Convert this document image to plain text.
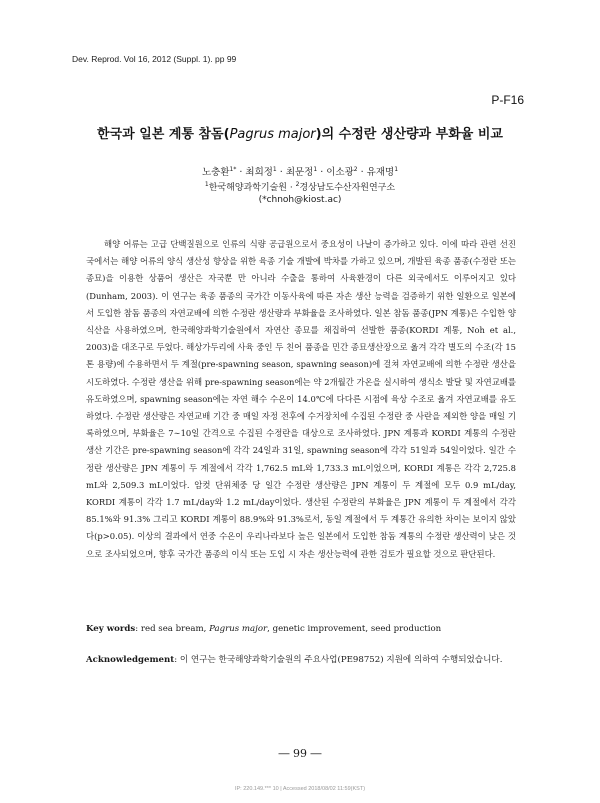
Dev. Reprod. Vol 16, 2012 (Suppl. 1). pp 99
P-F16
한국과 일본 계통 참돔(Pagrus major)의 수정란 생산량과 부화율 비교
노충환$^{1*}$ · 최희정$^1$ · 최문정$^1$ · 이소광$^2$ · 유재명$^1$
$^1$한국해양과학기술원 · $^2$경상남도수산자원연구소
(*chnoh@kiost.ac)

해양 어류는 고급 단백질원으로 인류의 식량 공급원으로서 중요성이 나날이 증가하고 있다. 이에 따라 관련 선진국에서는 해양 어류의 양식 생산성 향상을 위한 육종 기술 개발에 박차를 가하고 있으며, 개발된 육종 품종(수정란 또는 종묘)을 이용한 상품어 생산은 자국뿐 만 아니라 수출을 통하여 사육환경이 다른 외국에서도 이루어지고 있다(Dunham, 2003). 이 연구는 육종 품종의 국가간 이동사육에 따른 자손 생산 능력을 검증하기 위한 일환으로 일본에서 도입한 참돔 품종의 자연교배에 의한 수정란 생산량과 부화율을 조사하였다. 일본 참돔 품종(JPN 계통)은 수입한 양식산을 사용하였으며, 한국해양과학기술원에서 자연산 종묘를 채집하여 선발한 품종(KORDI 계통, Noh et al., 2003)을 대조구로 두었다. 해상가두리에 사육 중인 두 친어 품종을 민간 종묘생산장으로 옮겨 각각 별도의 수조(각 15톤 용량)에 수용하면서 두 계절(pre-spawning season, spawning season)에 걸쳐 자연교배에 의한 수정란 생산을 시도하였다. 수정란 생산을 위해 pre-spawning season에는 약 2개월간 가온을 실시하여 생식소 발달 및 자연교배를 유도하였으며, spawning season에는 자연 해수 수온이 14.0℃에 다다른 시점에 육상 수조로 옮겨 자연교배를 유도하였다. 수정란 생산량은 자연교배 기간 중 매일 자정 전후에 수거장치에 수집된 수정란 중 사란을 제외한 양을 매일 기록하였으며, 부화율은 7∼10일 간격으로 수집된 수정란을 대상으로 조사하였다. JPN 계통과 KORDI 계통의 수정란 생산 기간은 pre-spawning season에 각각 24일과 31일, spawning season에 각각 51일과 54일이었다. 일간 수정란 생산량은 JPN 계통이 두 계절에서 각각 1,762.5 mL와 1,733.3 mL이었으며, KORDI 계통은 각각 2,725.8 mL와 2,509.3 mL이었다. 암컷 단위체중 당 일간 수정란 생산량은 JPN 계통이 두 계절에 모두 0.9 mL/day, KORDI 계통이 각각 1.7 mL/day와 1.2 mL/day이었다. 생산된 수정란의 부화율은 JPN 계통이 두 계절에서 각각 85.1%와 91.3% 그리고 KORDI 계통이 88.9%와 91.3%로서, 동일 계절에서 두 계통간 유의한 차이는 보이지 않았다(p>0.05). 이상의 결과에서 연중 수온이 우리나라보다 높은 일본에서 도입한 참돔 계통의 수정란 생산력이 낮은 것으로 조사되었으며, 향후 국가간 품종의 이식 또는 도입 시 자손 생산능력에 관한 검토가 필요할 것으로 판단된다.

Key words: red sea bream, Pagrus major, genetic improvement, seed production
Acknowledgement: 이 연구는 한국해양과학기술원의 주요사업(PE98752) 지원에 의하여 수행되었습니다.
― 99 ―
IP: 220.149.*** 10 | Accessed 2018/08/02 11:59(KST)
